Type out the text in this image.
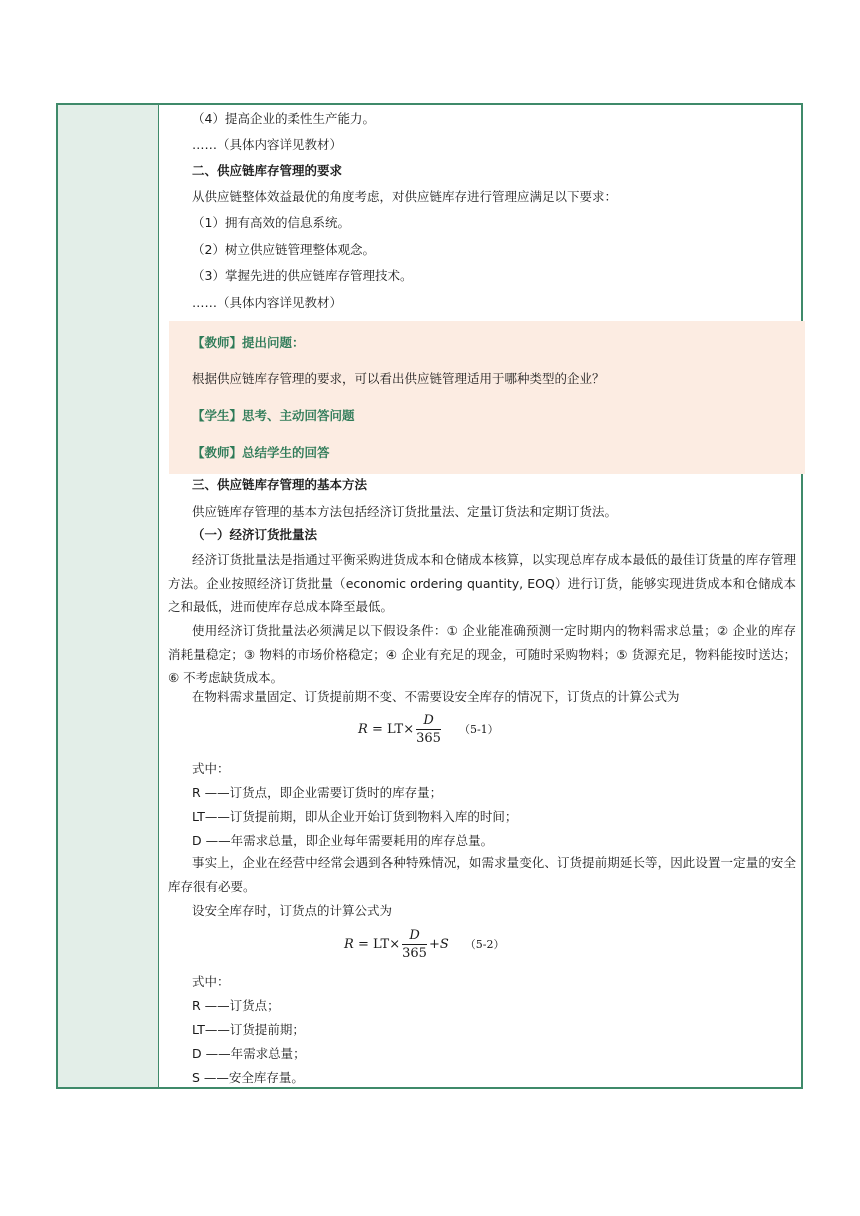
（4）提高企业的柔性生产能力。
……（具体内容详见教材）
二、供应链库存管理的要求
从供应链整体效益最优的角度考虑，对供应链库存进行管理应满足以下要求：
（1）拥有高效的信息系统。
（2）树立供应链管理整体观念。
（3）掌握先进的供应链库存管理技术。
……（具体内容详见教材）
【教师】提出问题：
根据供应链库存管理的要求，可以看出供应链管理适用于哪种类型的企业？
【学生】思考、主动回答问题
【教师】总结学生的回答
三、供应链库存管理的基本方法
供应链库存管理的基本方法包括经济订货批量法、定量订货法和定期订货法。
（一）经济订货批量法
经济订货批量法是指通过平衡采购进货成本和仓储成本核算，以实现总库存成本最低的最佳订货量的库存管理方法。企业按照经济订货批量（economic ordering quantity, EOQ）进行订货，能够实现进货成本和仓储成本之和最低，进而使库存总成本降至最低。
使用经济订货批量法必须满足以下假设条件：① 企业能准确预测一定时期内的物料需求总量；② 企业的库存消耗量稳定；③ 物料的市场价格稳定；④ 企业有充足的现金，可随时采购物料；⑤ 货源充足，物料能按时送达；⑥ 不考虑缺货成本。
在物料需求量固定、订货提前期不变、不需要设安全库存的情况下，订货点的计算公式为
$R = LT\times \frac{D}{365} (5-1)$
式中：
R ——订货点，即企业需要订货时的库存量；
LT——订货提前期，即从企业开始订货到物料入库的时间；
D ——年需求总量，即企业每年需要耗用的库存总量。
事实上，企业在经营中经常会遇到各种特殊情况，如需求量变化、订货提前期延长等，因此设置一定量的安全库存很有必要。
设安全库存时，订货点的计算公式为
$R = LT\times \frac{D}{365} +S$ （5-2）
式中：
R ——订货点；
LT——订货提前期；
D ——年需求总量；
S ——安全库存量。
